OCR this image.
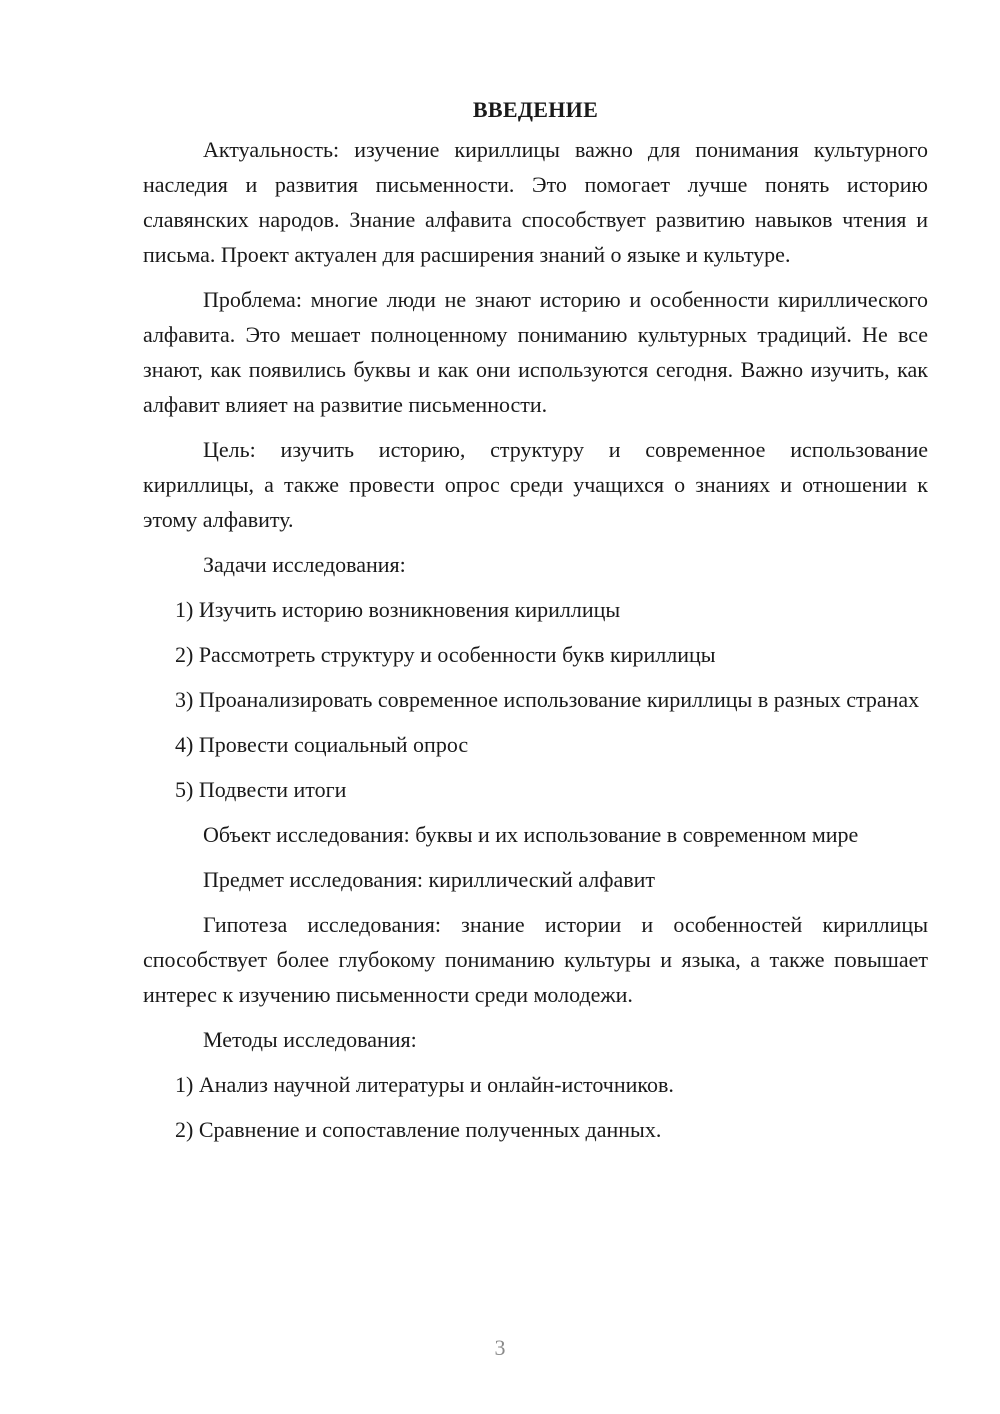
ВВЕДЕНИЕ

Актуальность: изучение кириллицы важно для понимания культурного наследия и развития письменности. Это помогает лучше понять историю славянских народов. Знание алфавита способствует развитию навыков чтения и письма. Проект актуален для расширения знаний о языке и культуре.

Проблема: многие люди не знают историю и особенности кириллического алфавита. Это мешает полноценному пониманию культурных традиций. Не все знают, как появились буквы и как они используются сегодня. Важно изучить, как алфавит влияет на развитие письменности.

Цель: изучить историю, структуру и современное использование кириллицы, а также провести опрос среди учащихся о знаниях и отношении к этому алфавиту.

Задачи исследования:

1) Изучить историю возникновения кириллицы

2) Рассмотреть структуру и особенности букв кириллицы

3) Проанализировать современное использование кириллицы в разных странах

4) Провести социальный опрос

5) Подвести итоги

Объект исследования: буквы и их использование в современном мире

Предмет исследования: кириллический алфавит

Гипотеза исследования: знание истории и особенностей кириллицы способствует более глубокому пониманию культуры и языка, а также повышает интерес к изучению письменности среди молодежи.

Методы исследования:

1) Анализ научной литературы и онлайн-источников.

2) Сравнение и сопоставление полученных данных.

3
